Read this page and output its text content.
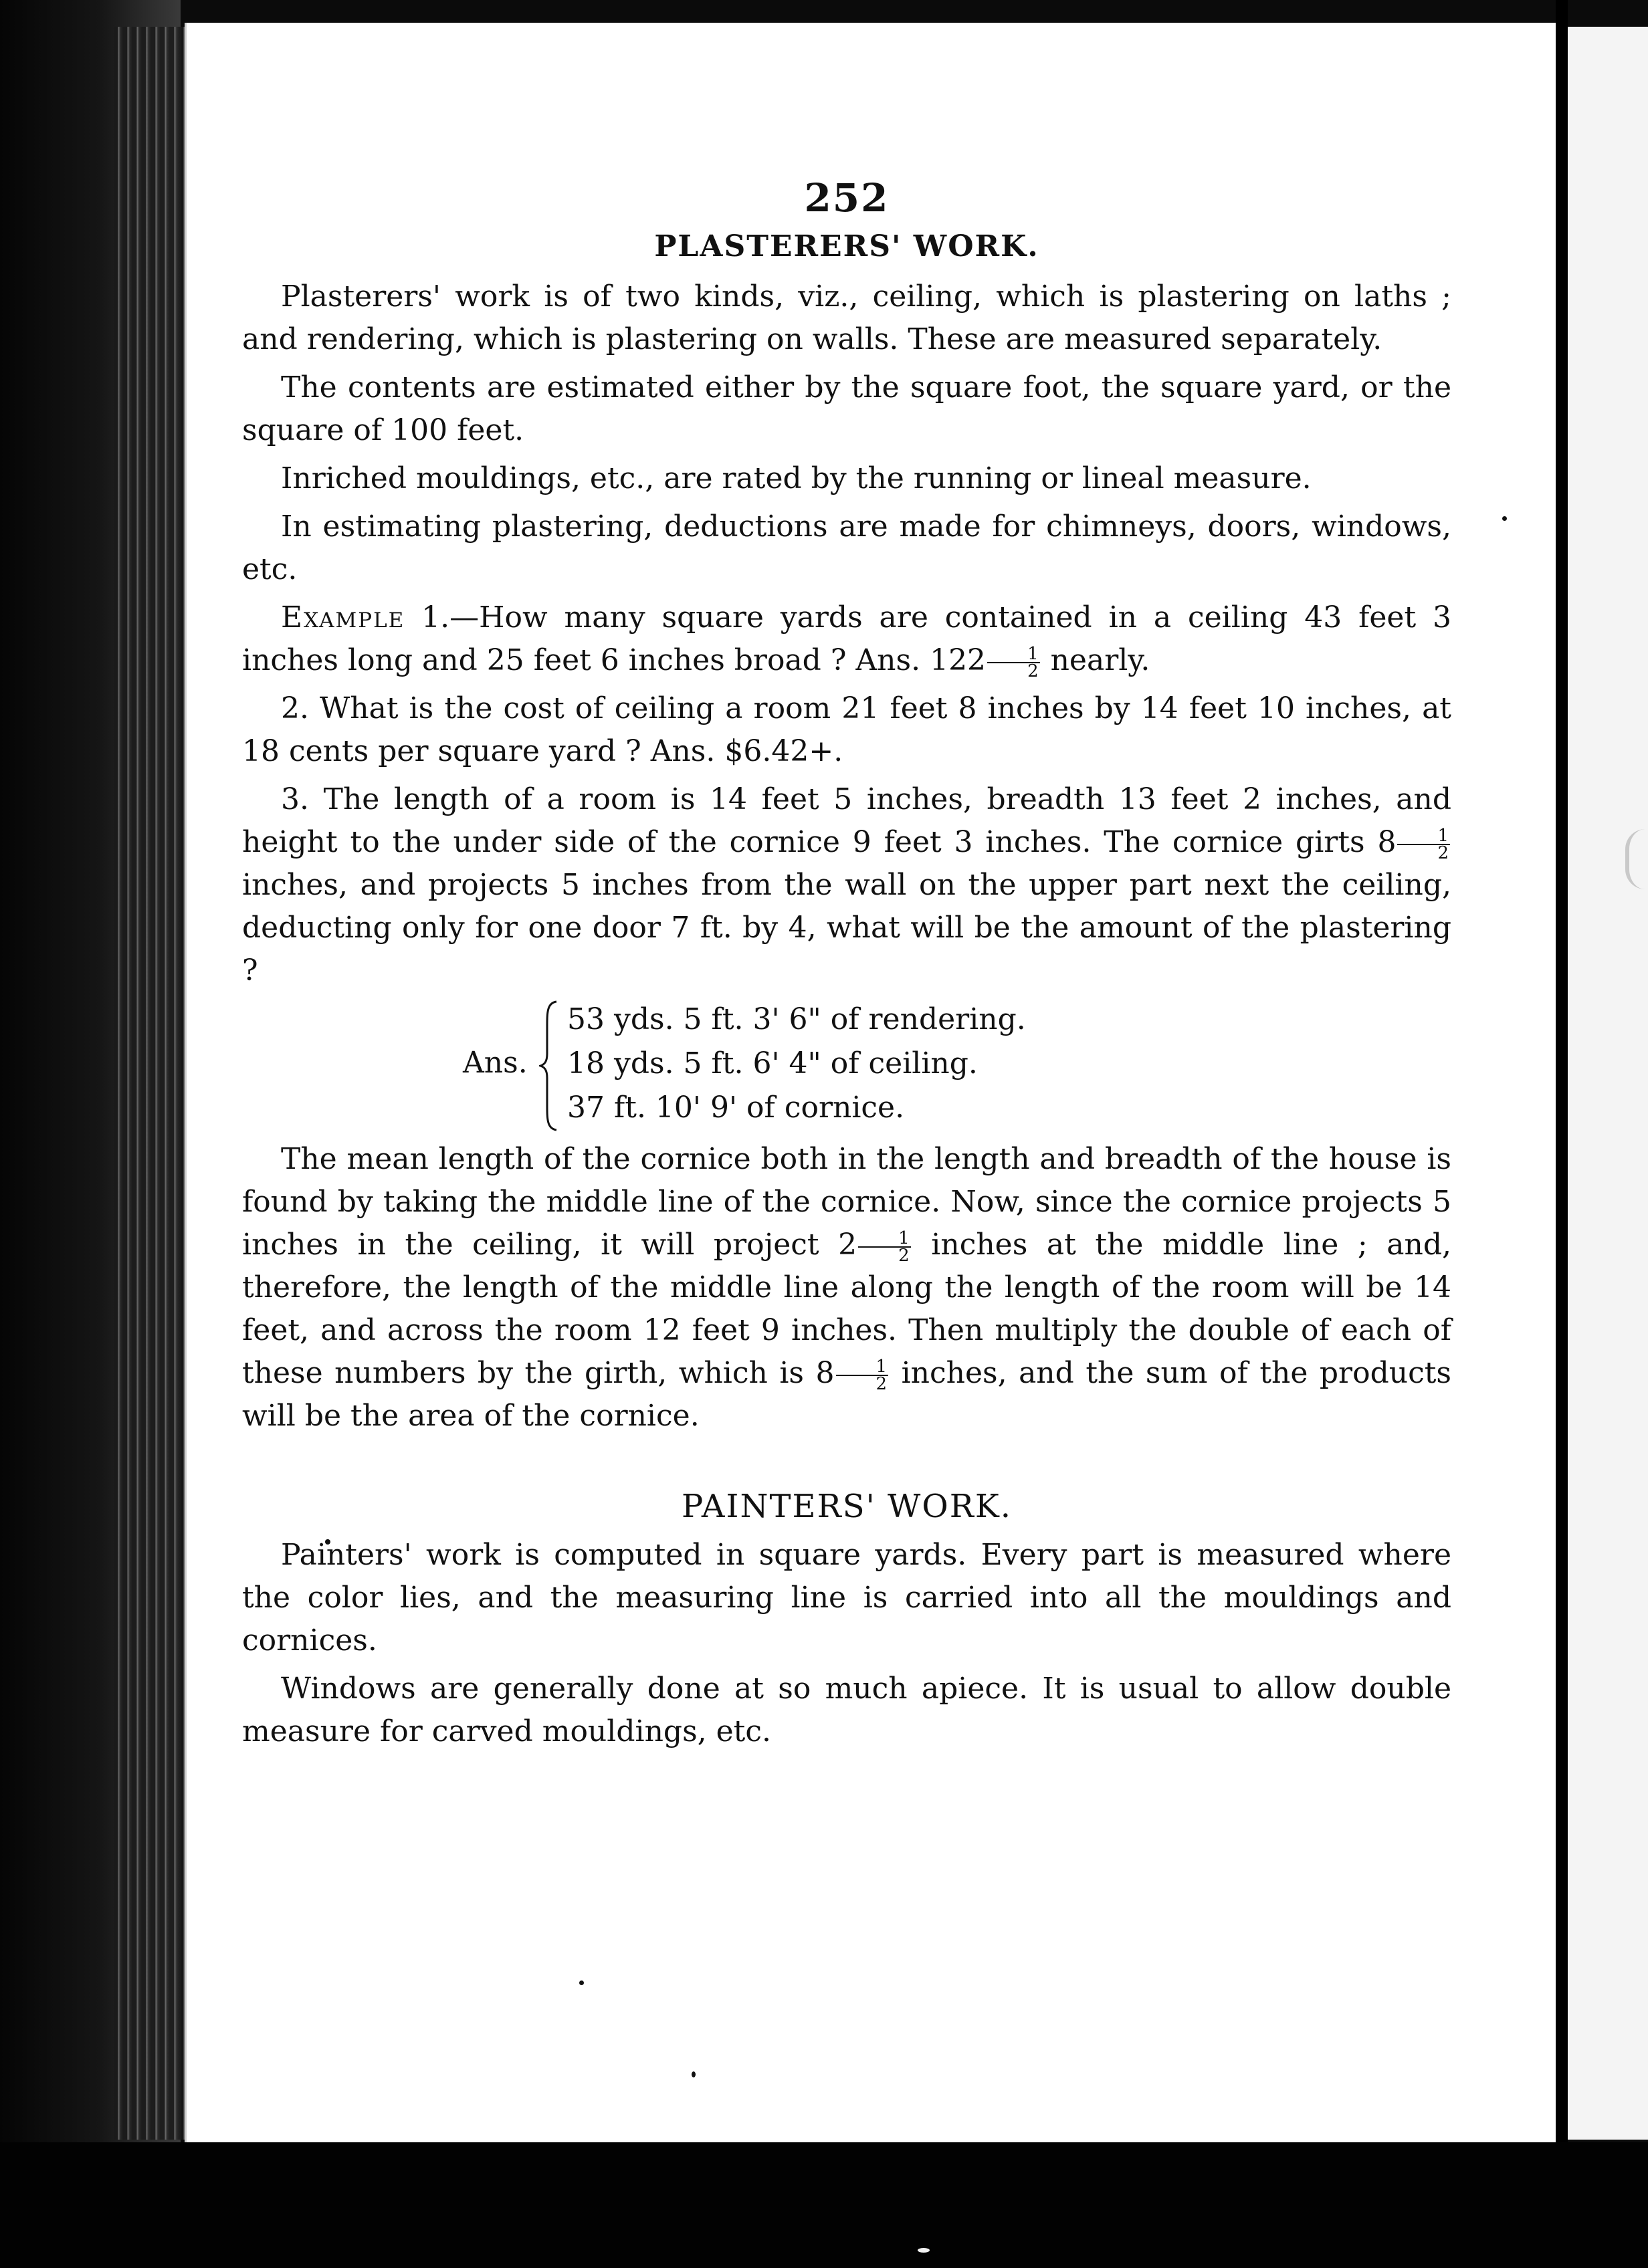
252
PLASTERERS' WORK.

Plasterers' work is of two kinds, viz., ceiling, which is plastering on laths ; and rendering, which is plastering on walls. These are measured separately.

The contents are estimated either by the square foot, the square yard, or the square of 100 feet.

Inriched mouldings, etc., are rated by the running or lineal measure.

In estimating plastering, deductions are made for chimneys, doors, windows, etc.

Example 1.—How many square yards are contained in a ceiling 43 feet 3 inches long and 25 feet 6 inches broad ? Ans. $122 \frac{1}{2}$ nearly.

2. What is the cost of ceiling a room 21 feet 8 inches by 14 feet 10 inches, at 18 cents per square yard ? Ans. $6.42+.

3. The length of a room is 14 feet 5 inches, breadth 13 feet 2 inches, and height to the under side of the cornice 9 feet 3 inches. The cornice girts $8 \frac{1}{2}$
inches, and projects 5 inches from the wall on the upper part next the ceiling, deducting only for one door 7 ft. by 4, what will be the amount of the plastering ?

Ans.
53 yds. 5 ft. 3' 6" of rendering.
18 yds. 5 ft. 6' 4" of ceiling.
37 ft. 10' 9' of cornice.

The mean length of the cornice both in the length and breadth of the house is found by taking the middle line of the cornice. Now, since the cornice projects 5 inches in the ceiling, it will project $2 \frac{1}{2}$ inches at the middle line ; and, therefore, the length of the middle line along the length of the room will be 14 feet, and across the room 12 feet 9 inches. Then multiply the double of each of these numbers by the girth, which is $8 \frac{1}{2}$ inches, and the sum of the products will be the area of the cornice.

PAINTERS' WORK.

Painters' work is computed in square yards. Every part is measured where the color lies, and the measuring line is carried into all the mouldings and cornices.

Windows are generally done at so much apiece. It is usual to allow double measure for carved mouldings, etc.
